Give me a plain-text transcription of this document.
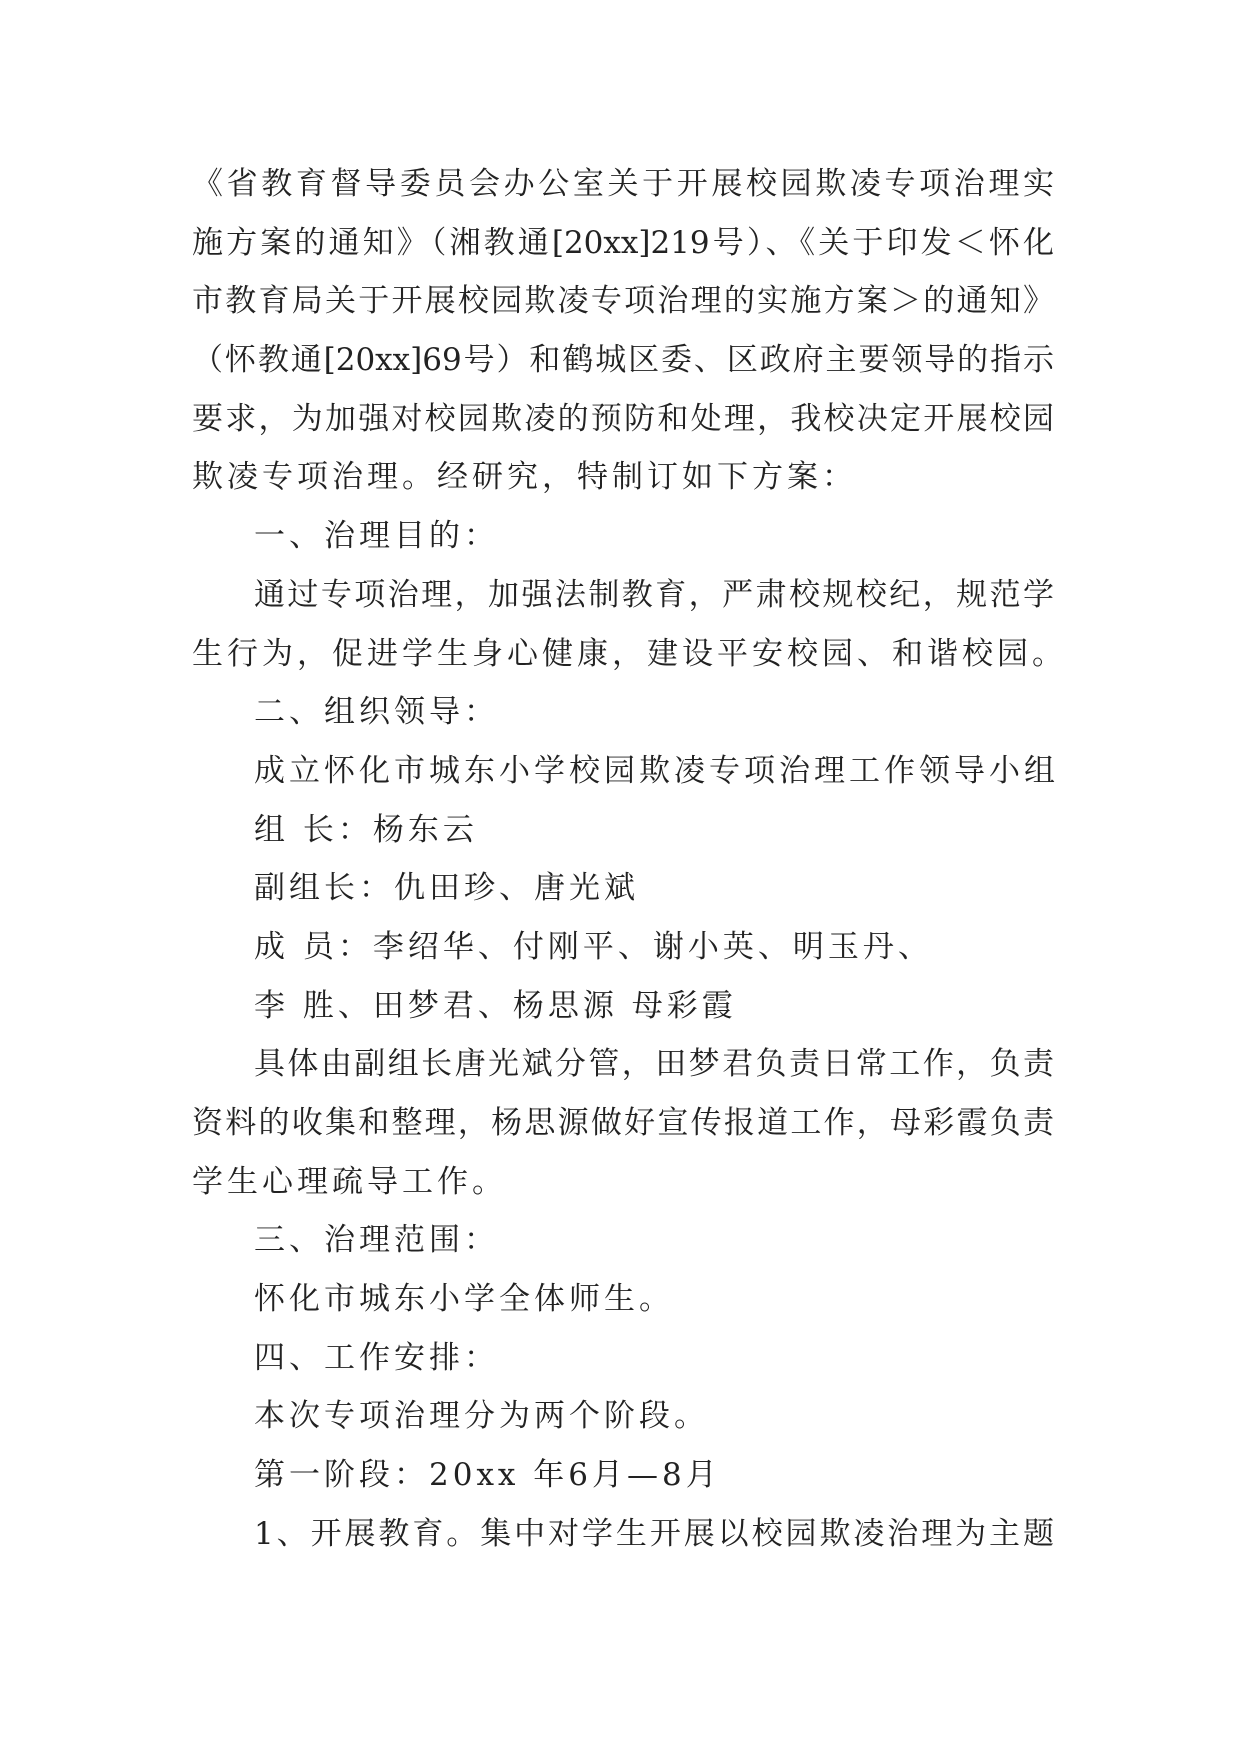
《省教育督导委员会办公室关于开展校园欺凌专项治理实
施方案的通知》（湘教通[20xx]219号）、《关于印发＜怀化
市教育局关于开展校园欺凌专项治理的实施方案＞的通知》
（怀教通[20xx]69号）和鹤城区委、区政府主要领导的指示
要求，为加强对校园欺凌的预防和处理，我校决定开展校园
欺凌专项治理。经研究，特制订如下方案：
一、治理目的：
通过专项治理，加强法制教育，严肃校规校纪，规范学
生行为，促进学生身心健康，建设平安校园、和谐校园。
二、组织领导：
成立怀化市城东小学校园欺凌专项治理工作领导小组
组 长：杨东云
副组长：仇田珍、唐光斌
成 员：李绍华、付刚平、谢小英、明玉丹、
李 胜、田梦君、杨思源 母彩霞
具体由副组长唐光斌分管，田梦君负责日常工作，负责
资料的收集和整理，杨思源做好宣传报道工作，母彩霞负责
学生心理疏导工作。
三、治理范围：
怀化市城东小学全体师生。
四、工作安排：
本次专项治理分为两个阶段。
第一阶段：20xx 年6月—8月
1、开展教育。集中对学生开展以校园欺凌治理为主题
